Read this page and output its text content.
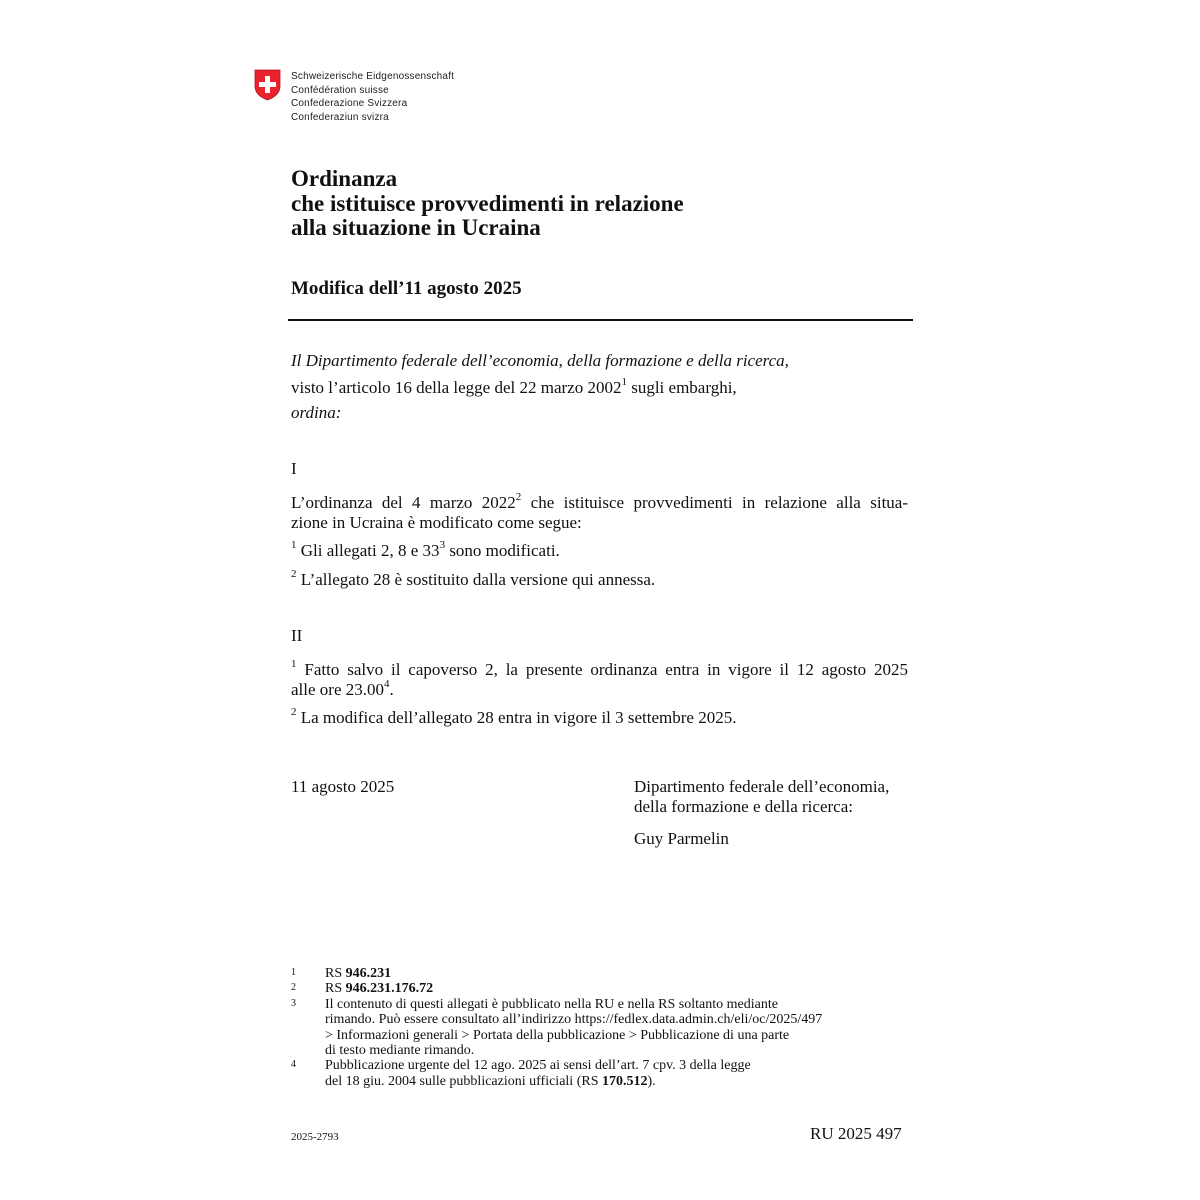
Schweizerische Eidgenossenschaft
Confédération suisse
Confederazione Svizzera
Confederaziun svizra
Ordinanza
che istituisce provvedimenti in relazione
alla situazione in Ucraina
Modifica dell’11 agosto 2025
Il Dipartimento federale dell’economia, della formazione e della ricerca,
visto l’articolo 16 della legge del 22 marzo 2002$^1$ sugli embarghi,
ordina:
I
L’ordinanza del 4 marzo 2022$^2$ che istituisce provvedimenti in relazione alla situa-
zione in Ucraina è modificato come segue:
$^1$ Gli allegati 2, 8 e 33$^3$ sono modificati.
$^2$ L’allegato 28 è sostituito dalla versione qui annessa.
II
$^1$ Fatto salvo il capoverso 2, la presente ordinanza entra in vigore il 12 agosto 2025
alle ore 23.00$^4$.
$^2$ La modifica dell’allegato 28 entra in vigore il 3 settembre 2025.
11 agosto 2025	Dipartimento federale dell’economia,
della formazione e della ricerca:
Guy Parmelin
1	RS 946.231
2	RS 946.231.176.72
3	Il contenuto di questi allegati è pubblicato nella RU e nella RS soltanto mediante
rimando. Può essere consultato all’indirizzo https://fedlex.data.admin.ch/eli/oc/2025/497
> Informazioni generali > Portata della pubblicazione > Pubblicazione di una parte
di testo mediante rimando.
4	Pubblicazione urgente del 12 ago. 2025 ai sensi dell’art. 7 cpv. 3 della legge
del 18 giu. 2004 sulle pubblicazioni ufficiali (RS 170.512).
2025-2793	RU 2025 497
